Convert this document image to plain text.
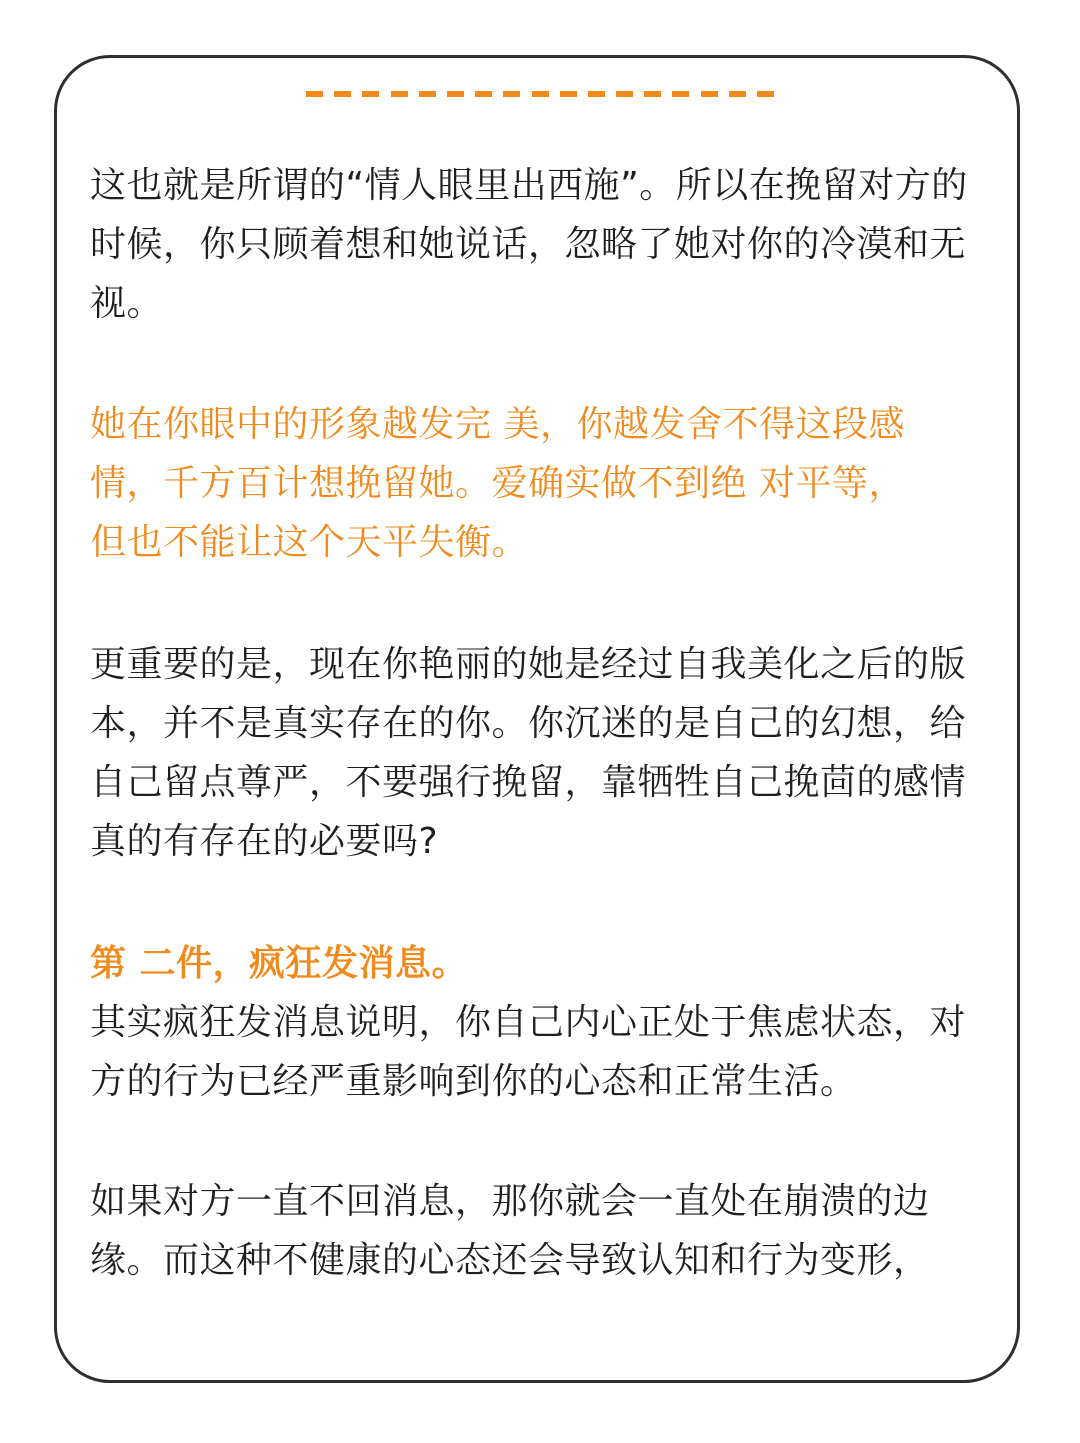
这也就是所谓的“情人眼里出西施”。所以在挽留对方的时候，你只顾着想和她说话，忽略了她对你的冷漠和无视。

她在你眼中的形象越发完 美，你越发舍不得这段感情，千方百计想挽留她。爱确实做不到绝 对平等，但也不能让这个天平失衡。

更重要的是，现在你艳丽的她是经过自我美化之后的版本，并不是真实存在的你。你沉迷的是自己的幻想，给自己留点尊严，不要强行挽留，靠牺牲自己挽茴的感情真的有存在的必要吗?

第 二件，疯狂发消息。

其实疯狂发消息说明，你自己内心正处于焦虑状态，对方的行为已经严重影响到你的心态和正常生活。

如果对方一直不回消息，那你就会一直处在崩溃的边缘。而这种不健康的心态还会导致认知和行为变形，
